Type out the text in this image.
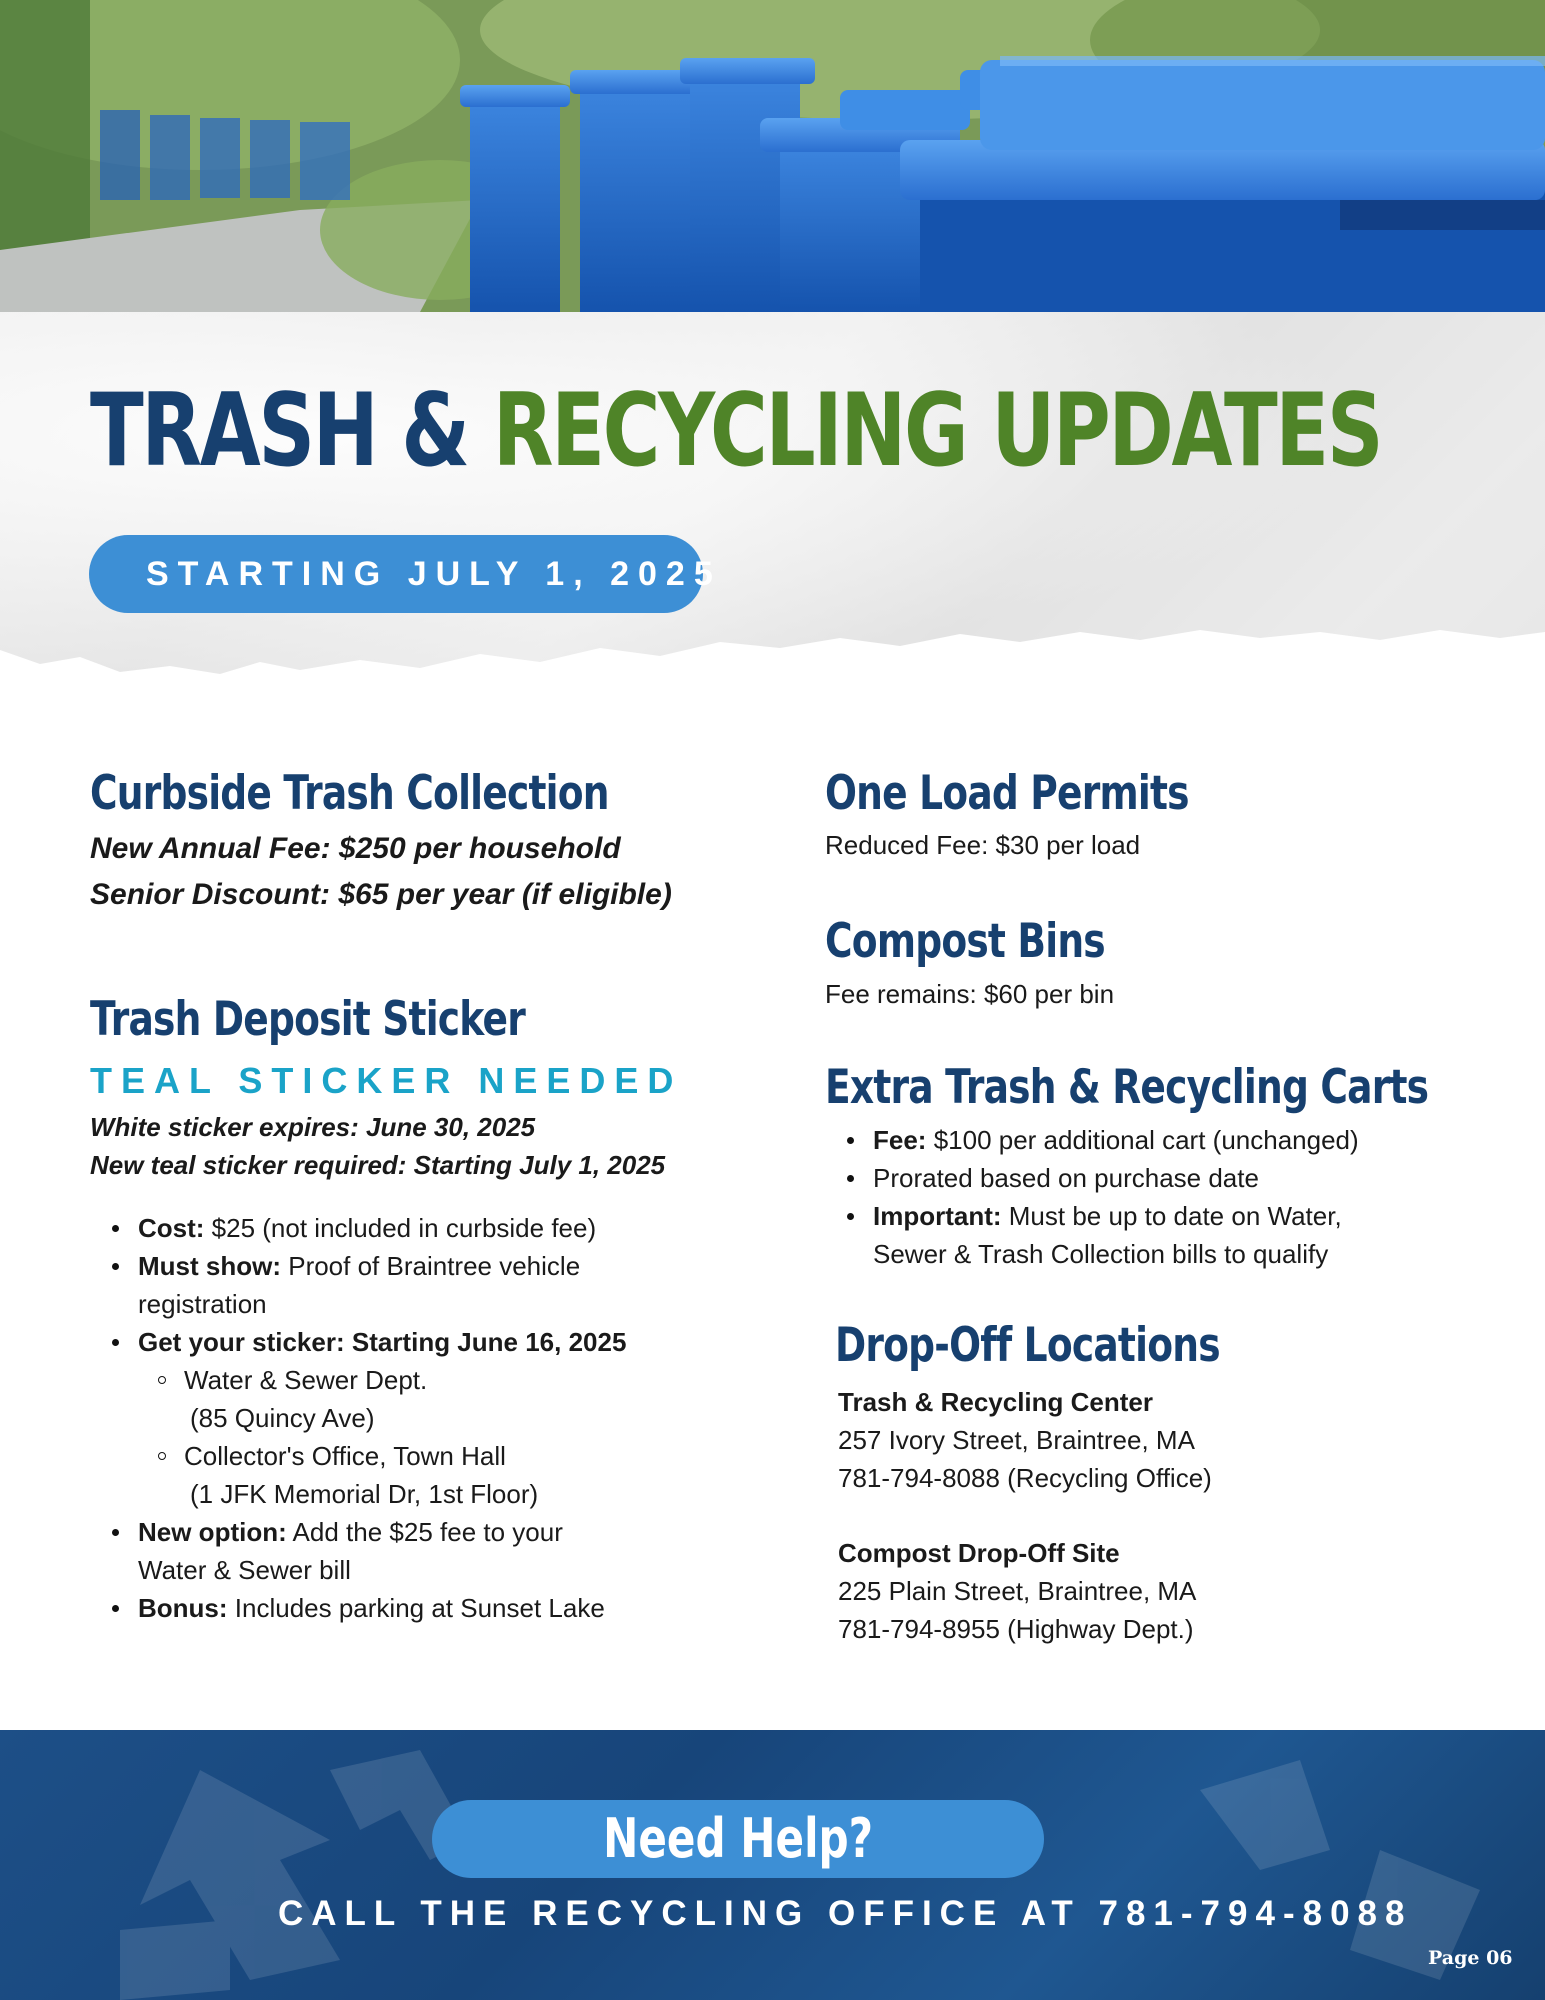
TRASH & RECYCLING UPDATES
STARTING JULY 1, 2025
Curbside Trash Collection
New Annual Fee: $250 per household
Senior Discount: $65 per year (if eligible)
Trash Deposit Sticker
TEAL STICKER NEEDED
White sticker expires: June 30, 2025
New teal sticker required: Starting July 1, 2025
Cost: $25 (not included in curbside fee)
Must show: Proof of Braintree vehicle
registration
Get your sticker: Starting June 16, 2025
Water & Sewer Dept.
(85 Quincy Ave)
Collector's Office, Town Hall
(1 JFK Memorial Dr, 1st Floor)
New option: Add the $25 fee to your
Water & Sewer bill
Bonus: Includes parking at Sunset Lake
One Load Permits
Reduced Fee: $30 per load
Compost Bins
Fee remains: $60 per bin
Extra Trash & Recycling Carts
Fee: $100 per additional cart (unchanged)
Prorated based on purchase date
Important: Must be up to date on Water,
Sewer & Trash Collection bills to qualify
Drop-Off Locations
Trash & Recycling Center
257 Ivory Street, Braintree, MA
781-794-8088 (Recycling Office)
Compost Drop-Off Site
225 Plain Street, Braintree, MA
781-794-8955 (Highway Dept.)
Need Help?
CALL THE RECYCLING OFFICE AT 781-794-8088
Page 06
